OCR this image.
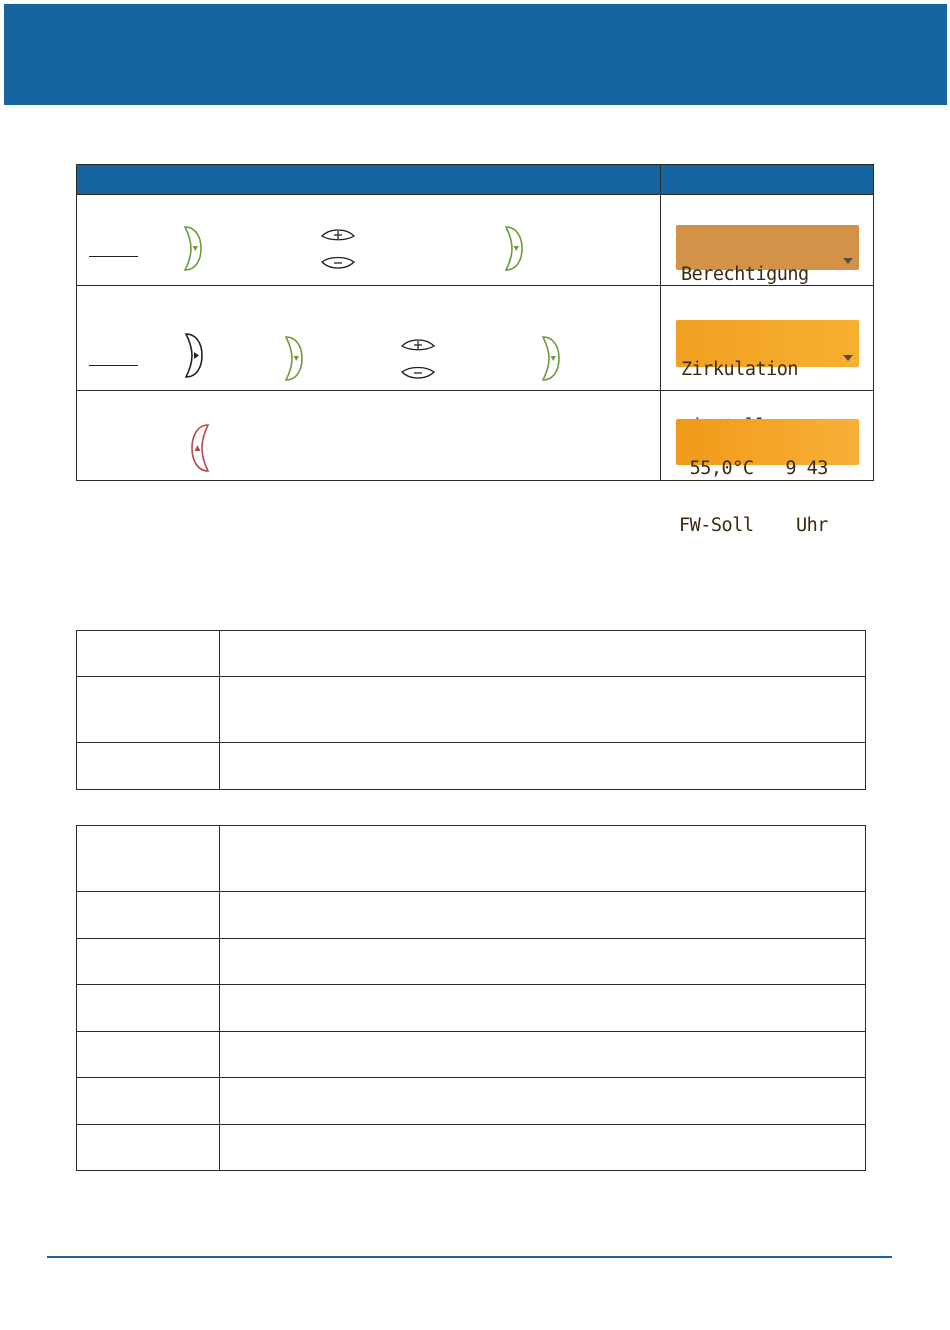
Berechtigung

Zirkulation

55,0°C   9 43

FW-Soll    Uhr
